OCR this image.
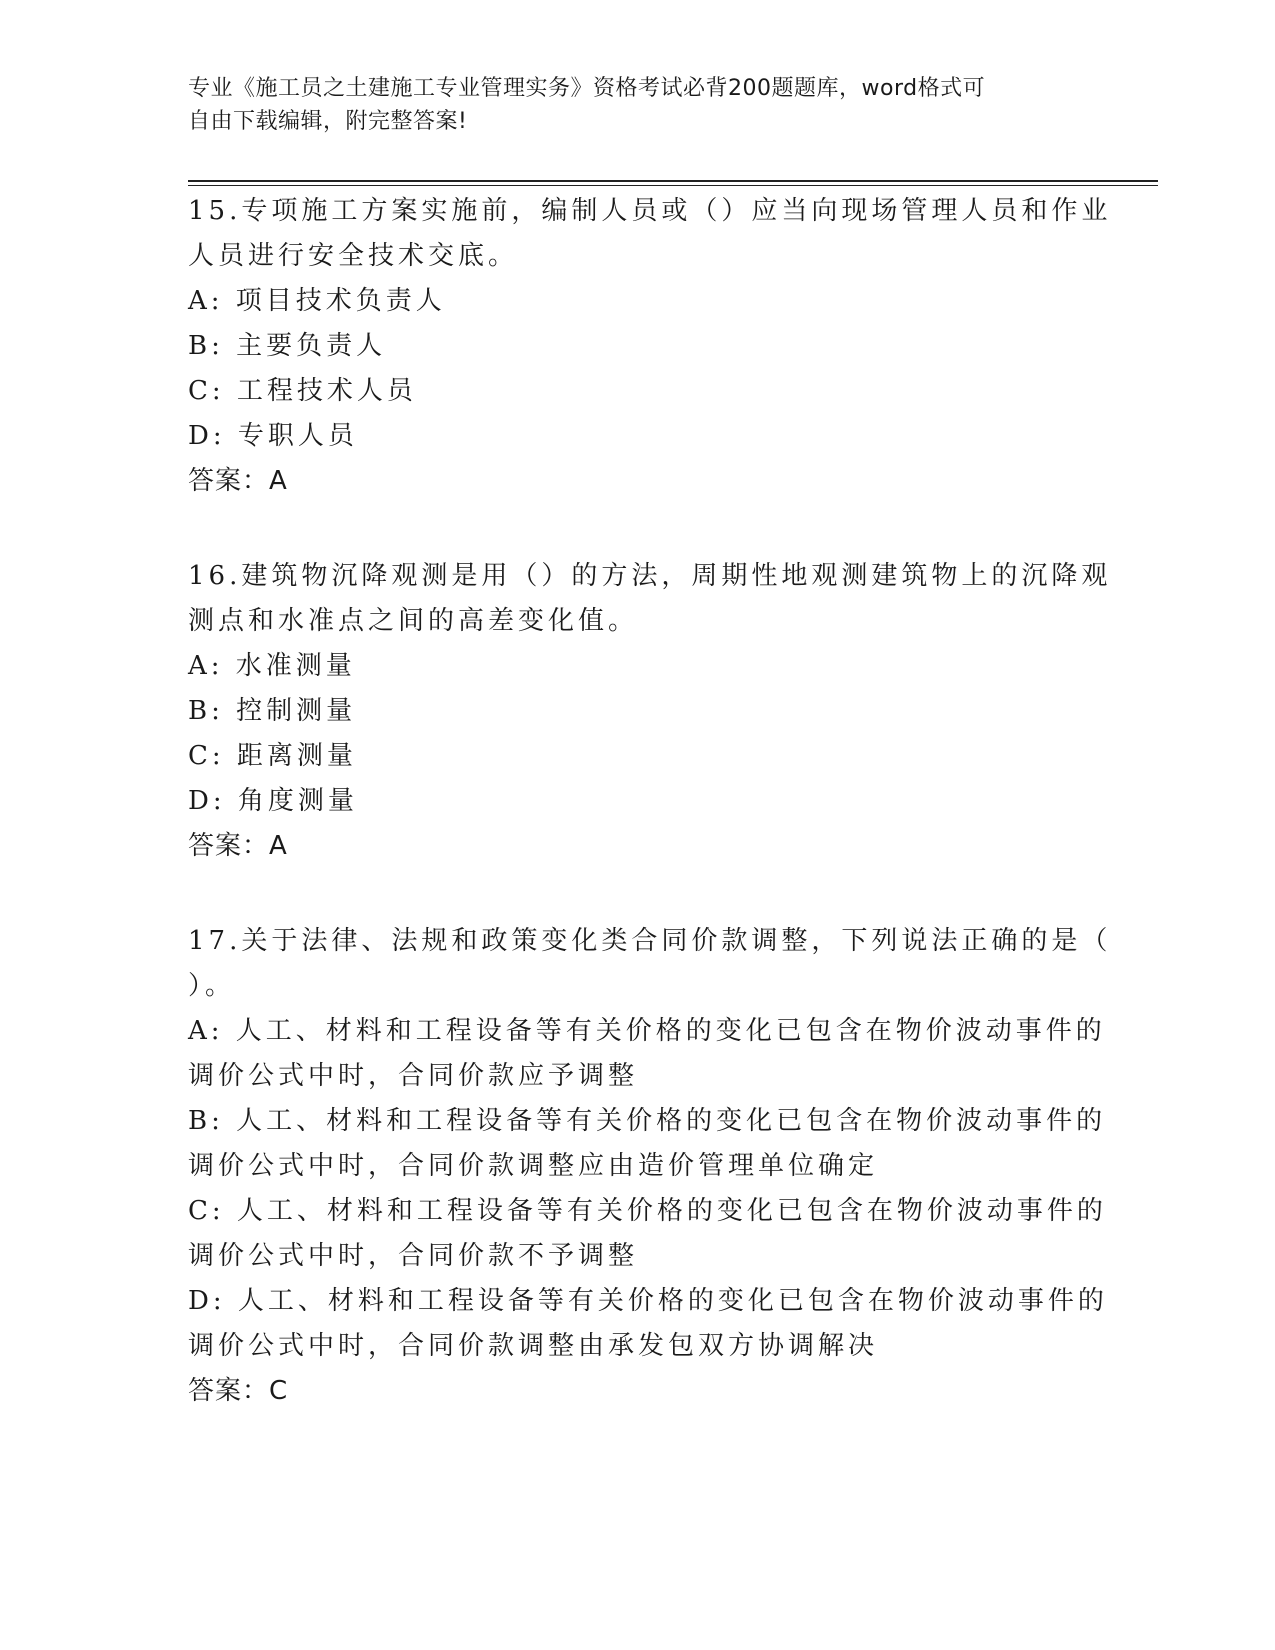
专业《施工员之土建施工专业管理实务》资格考试必背200题题库，word格式可
自由下载编辑，附完整答案!
15.专项施工方案实施前，编制人员或（）应当向现场管理人员和作业
人员进行安全技术交底。
A: 项目技术负责人
B: 主要负责人
C: 工程技术人员
D: 专职人员
答案：A
16.建筑物沉降观测是用（）的方法，周期性地观测建筑物上的沉降观
测点和水准点之间的高差变化值。
A: 水准测量
B: 控制测量
C: 距离测量
D: 角度测量
答案：A
17.关于法律、法规和政策变化类合同价款调整，下列说法正确的是（
）。
A: 人工、材料和工程设备等有关价格的变化已包含在物价波动事件的
调价公式中时，合同价款应予调整
B: 人工、材料和工程设备等有关价格的变化已包含在物价波动事件的
调价公式中时，合同价款调整应由造价管理单位确定
C: 人工、材料和工程设备等有关价格的变化已包含在物价波动事件的
调价公式中时，合同价款不予调整
D: 人工、材料和工程设备等有关价格的变化已包含在物价波动事件的
调价公式中时，合同价款调整由承发包双方协调解决
答案：C
